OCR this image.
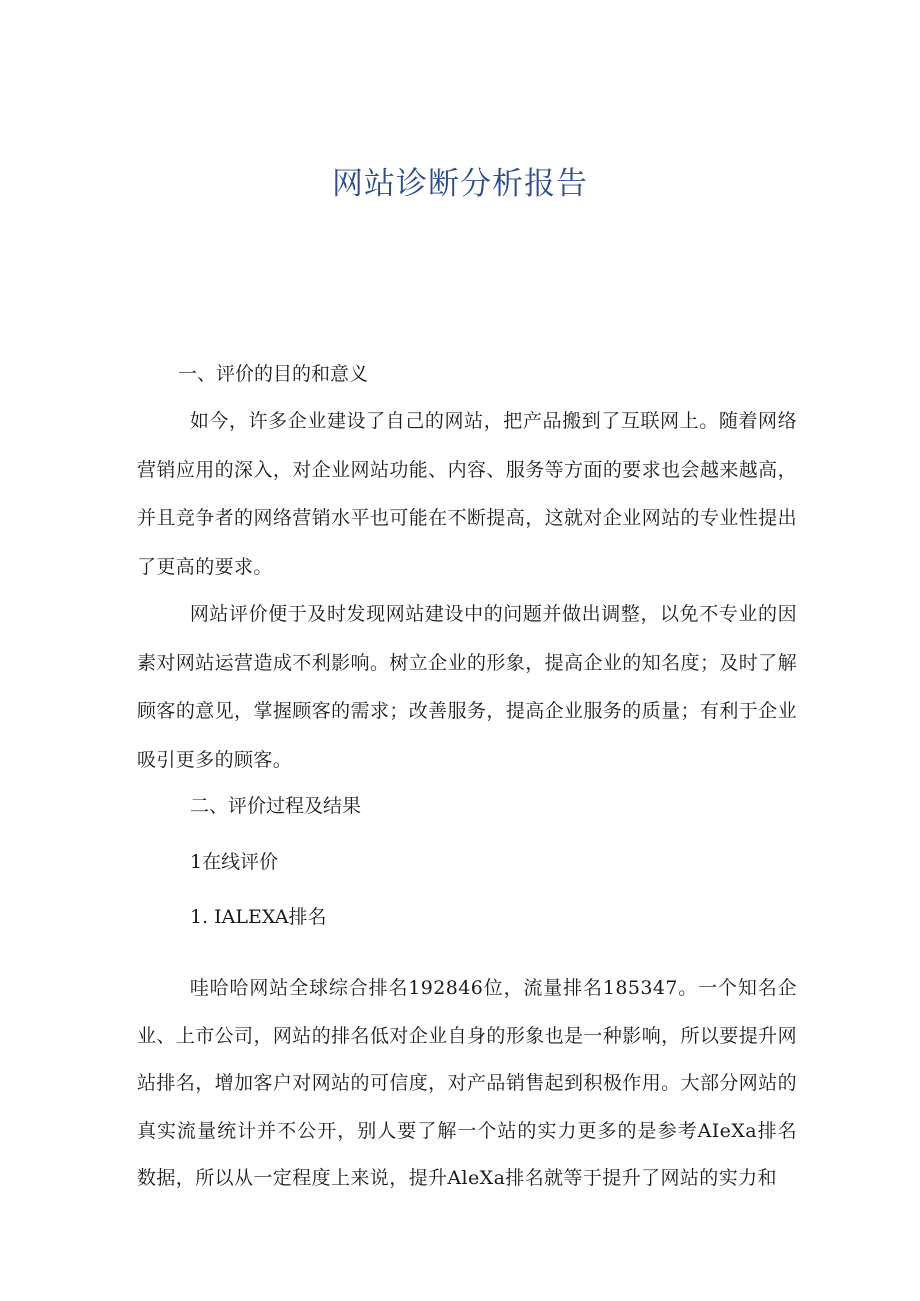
网站诊断分析报告
一、评价的目的和意义
如今，许多企业建设了自己的网站，把产品搬到了互联网上。随着网络营销应用的深入，对企业网站功能、内容、服务等方面的要求也会越来越高，并且竞争者的网络营销水平也可能在不断提高，这就对企业网站的专业性提出了更高的要求。
网站评价便于及时发现网站建设中的问题并做出调整，以免不专业的因素对网站运营造成不利影响。树立企业的形象，提高企业的知名度；及时了解顾客的意见，掌握顾客的需求；改善服务，提高企业服务的质量；有利于企业吸引更多的顾客。
二、评价过程及结果
1在线评价
1. IALEXA排名
哇哈哈网站全球综合排名192846位，流量排名185347。一个知名企业、上市公司，网站的排名低对企业自身的形象也是一种影响，所以要提升网站排名，增加客户对网站的可信度，对产品销售起到积极作用。大部分网站的真实流量统计并不公开，别人要了解一个站的实力更多的是参考AIeXa排名数据，所以从一定程度上来说，提升AleXa排名就等于提升了网站的实力和
